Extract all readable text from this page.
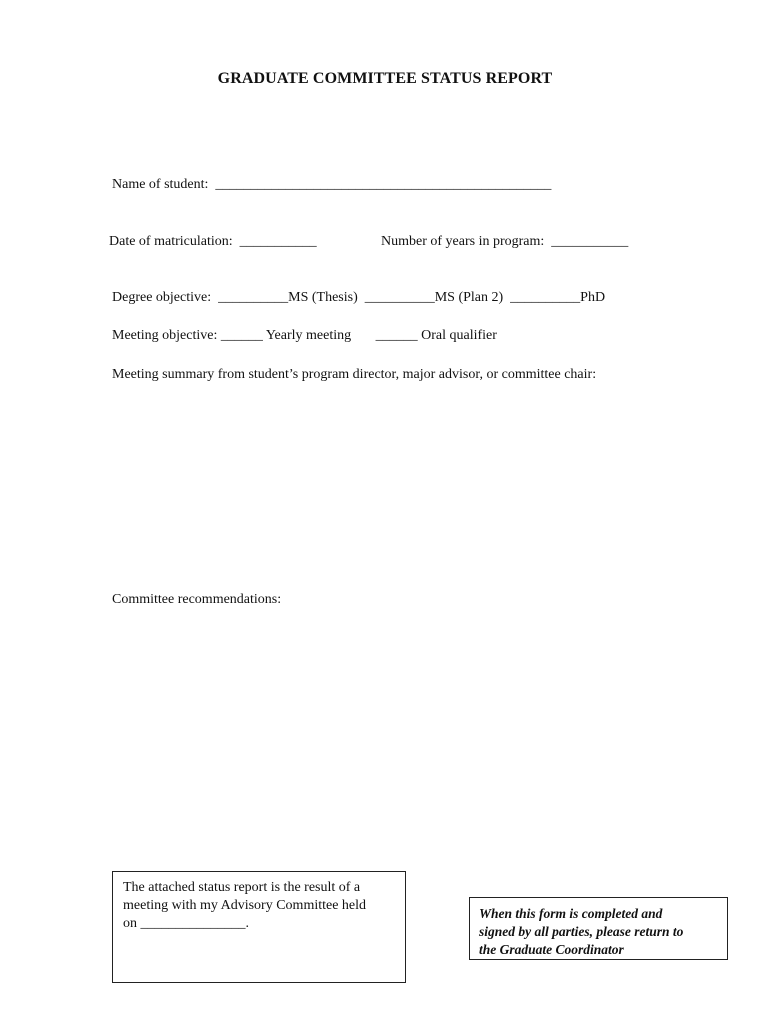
GRADUATE COMMITTEE STATUS REPORT
Name of student:  ________________________________________________
Date of matriculation:  ___________	Number of years in program:  ___________
Degree objective:  __________MS (Thesis)  __________MS (Plan 2)  __________PhD
Meeting objective: ______ Yearly meeting       ______ Oral qualifier
Meeting summary from student’s program director, major advisor, or committee chair:
Committee recommendations:

The attached status report is the result of a
meeting with my Advisory Committee held
on _______________.

When this form is completed and
signed by all parties, please return to
the Graduate Coordinator
